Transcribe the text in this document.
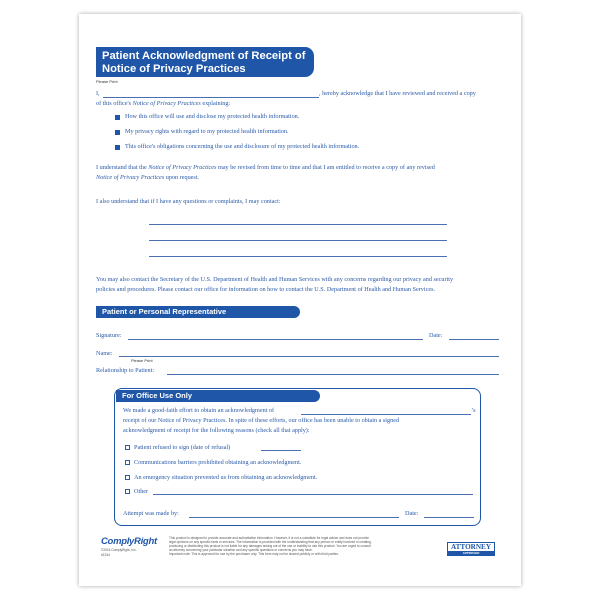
Patient Acknowledgment of Receipt of Notice of Privacy Practices
Please Print
I,	, hereby acknowledge that I have reviewed and received a copy
of this office's Notice of Privacy Practices explaining:
How this office will use and disclose my protected health information.
My privacy rights with regard to my protected health information.
This office's obligations concerning the use and disclosure of my protected health information.
I understand that the Notice of Privacy Practices may be revised from time to time and that I am entitled to receive a copy of any revised
Notice of Privacy Practices upon request.
I also understand that if I have any questions or complaints, I may contact:
You may also contact the Secretary of the U.S. Department of Health and Human Services with any concerns regarding our privacy and security
policies and procedures. Please contact our office for information on how to contact the U.S. Department of Health and Human Services.
Patient or Personal Representative
Signature:	Date:
Name:
Please Print
Relationship to Patient:
For Office Use Only
We made a good-faith effort to obtain an acknowledgment of	's
receipt of our Notice of Privacy Practices. In spite of these efforts, our office has been unable to obtain a signed
acknowledgment of receipt for the following reasons (check all that apply):
Patient refused to sign (date of refusal)
Communications barriers prohibited obtaining an acknowledgment.
An emergency situation prevented us from obtaining an acknowledgment.
Other
Attempt was made by:	Date:
ComplyRight
©2016 ComplyRight, Inc.
#1334
This product is designed to provide accurate and authoritative information. However, it is not a substitute for legal advice and does not provide
legal opinions on any specific facts or services. The information is provided with the understanding that any person or entity involved in creating,
producing or distributing this product is not liable for any damages arising out of the use or inability to use this product. You are urged to consult
an attorney concerning your particular situation and any specific questions or concerns you may have.
Important note: This is approved for use by the purchaser only. This form may not be shared publicly or with third parties.
ATTORNEY
APPROVED
